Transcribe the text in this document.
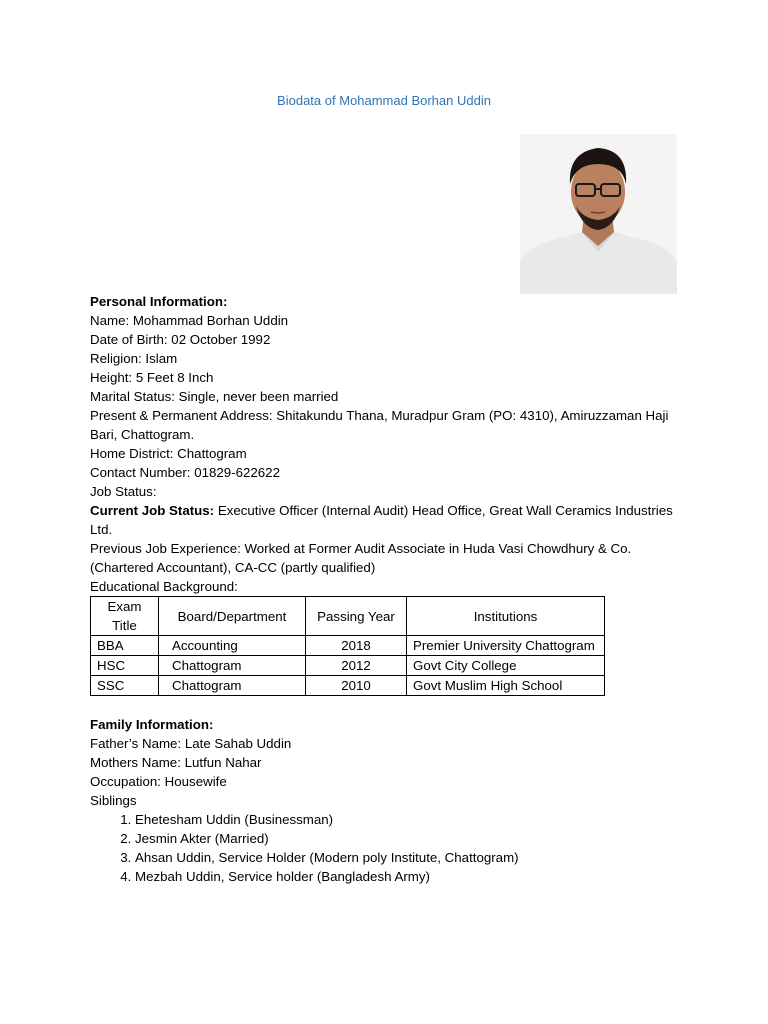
Biodata of Mohammad Borhan Uddin
Personal Information:
Name: Mohammad Borhan Uddin
Date of Birth: 02 October 1992
Religion: Islam
Height: 5 Feet 8 Inch
Marital Status: Single, never been married
Present & Permanent Address: Shitakundu Thana, Muradpur Gram (PO: 4310), Amiruzzaman Haji Bari, Chattogram.
Home District: Chattogram
Contact Number: 01829-622622
Job Status:
Current Job Status: Executive Officer (Internal Audit) Head Office, Great Wall Ceramics Industries Ltd.
Previous Job Experience: Worked at Former Audit Associate in Huda Vasi Chowdhury & Co. (Chartered Accountant), CA-CC (partly qualified)
Educational Background:
Exam Title	Board/Department	Passing Year	Institutions
BBA	Accounting	2018	Premier University Chattogram
HSC	Chattogram	2012	Govt City College
SSC	Chattogram	2010	Govt Muslim High School
Family Information:
Father’s Name: Late Sahab Uddin
Mothers Name: Lutfun Nahar
Occupation: Housewife
Siblings
1. Ehetesham Uddin (Businessman)
2. Jesmin Akter (Married)
3. Ahsan Uddin, Service Holder (Modern poly Institute, Chattogram)
4. Mezbah Uddin, Service holder (Bangladesh Army)
